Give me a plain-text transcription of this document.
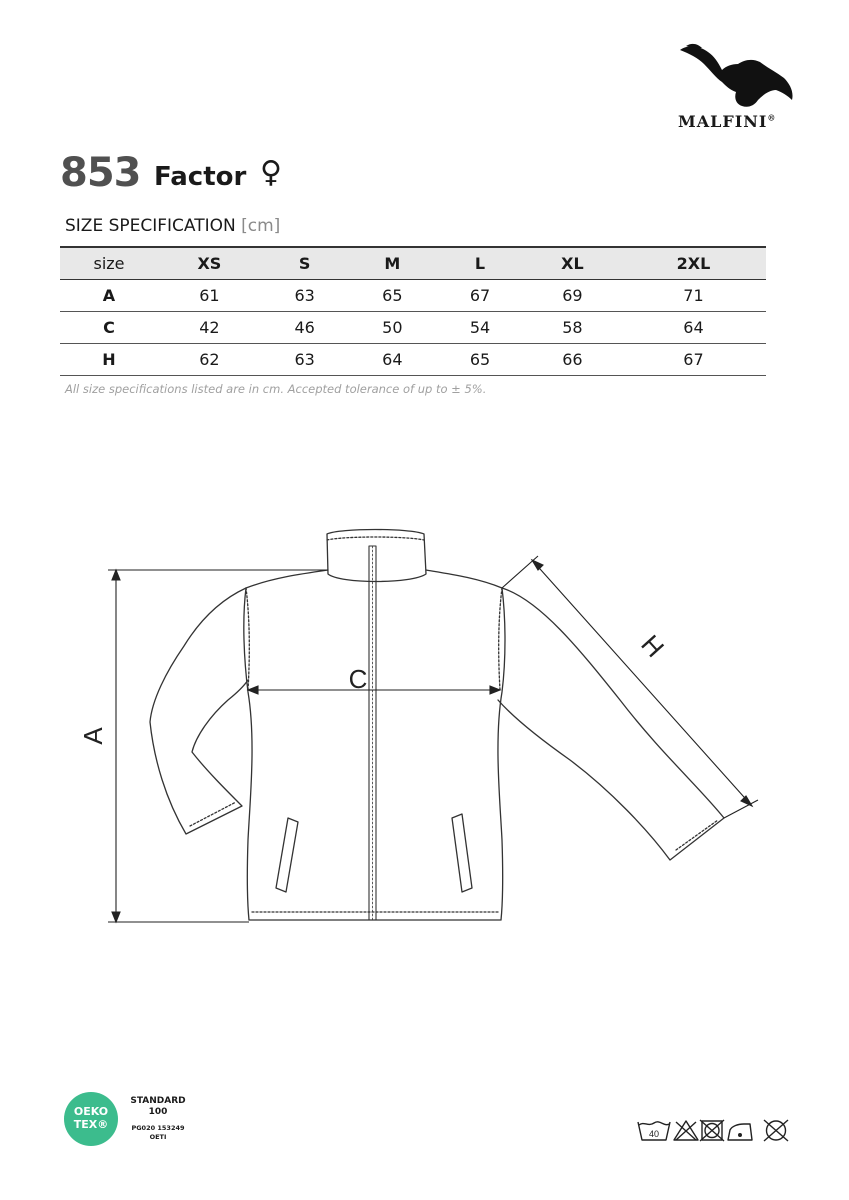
MALFINI®
853 Factor ♀
SIZE SPECIFICATION [cm]
size	XS	S	M	L	XL	2XL
A	61	63	65	67	69	71
C	42	46	50	54	58	64
H	62	63	64	65	66	67
All size specifications listed are in cm. Accepted tolerance of up to ± 5%.
A
C
H
OEKO
TEX®
STANDARD
100
PG020 153249
OETI	40
